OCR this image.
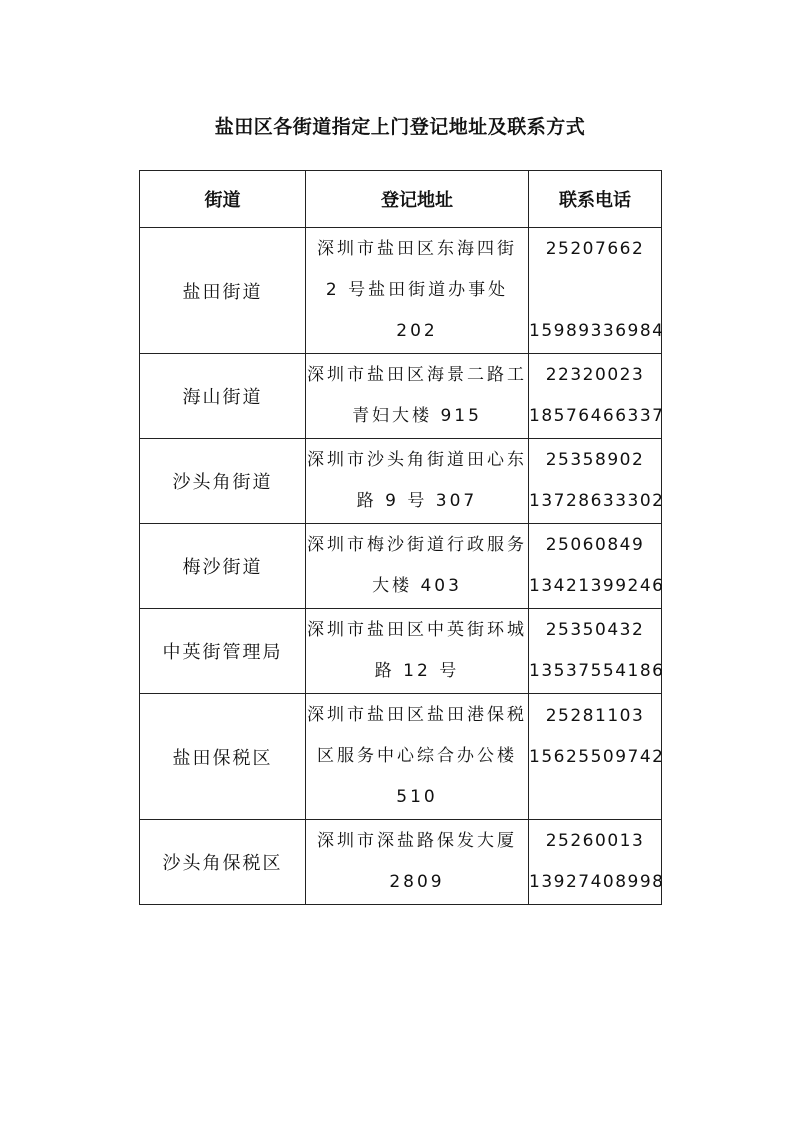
盐田区各街道指定上门登记地址及联系方式
街道	登记地址	联系电话
盐田街道	深圳市盐田区东海四街 2 号盐田街道办事处 202	25207662
15989336984

海山街道	深圳市盐田区海景二路工青妇大楼 915	22320023
18576466337

沙头角街道	深圳市沙头角街道田心东路 9 号 307	25358902
13728633302

梅沙街道	深圳市梅沙街道行政服务大楼 403	25060849
13421399246

中英街管理局	深圳市盐田区中英街环城路 12 号	25350432
13537554186

盐田保税区	深圳市盐田区盐田港保税区服务中心综合办公楼 510	25281103
15625509742

沙头角保税区	深圳市深盐路保发大厦 2809	25260013
13927408998
